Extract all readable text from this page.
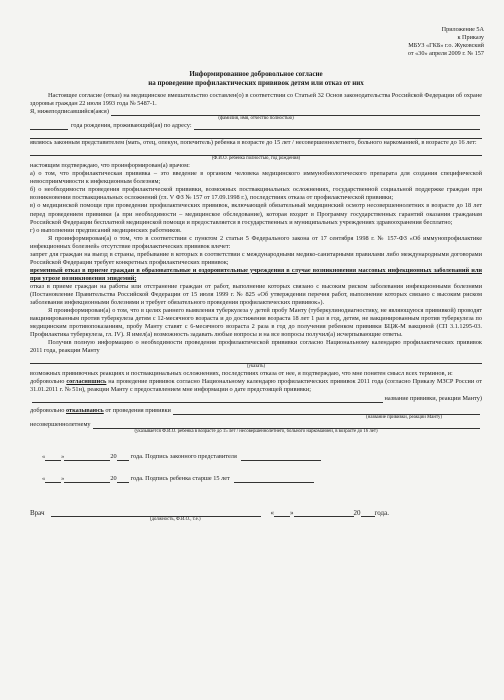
Приложение 5А
к Приказу
МБУЗ «ГКБ» г.о. Жуковский
от «30» апреля 2009 г. № 157
Информированное добровольное согласие
на проведение профилактических прививок детям или отказ от них

Настоящее согласие (отказ) на медицинское вмешательство составлен(о) в соответствии со Статьей 32 Основ законодательства Российской Федерации об охране здоровья граждан 22 июля 1993 года № 5487-1.

Я, нижеподписавшийся(аяся)
(фамилия, имя, отчество полностью)
года рождения, проживающий(ая) по адресу:

являюсь законным представителем (мать, отец, опекун, попечитель) ребенка в возрасте до 15 лет / несовершеннолетнего, больного наркоманией, в возрасте до 16 лет:

(Ф.И.О. ребенка полностью, год рождения)

настоящим подтверждаю, что проинформирован(а) врачом:

а) о том, что профилактическая прививка – это введение в организм человека медицинского иммунобиологического препарата для создания специфической невосприимчивости к инфекционным болезням;

б) о необходимости проведения профилактической прививки, возможных поствакцинальных осложнениях, государственной социальной поддержке граждан при возникновении поствакцинальных осложнений (гл. V ФЗ № 157 от 17.09.1998 г.), последствиях отказа от профилактической прививки;

в) о медицинской помощи при проведении профилактических прививок, включающей обязательный медицинский осмотр несовершеннолетних в возрасте до 18 лет перед проведением прививки (а при необходимости – медицинское обследование), которая входит в Программу государственных гарантий оказания гражданам Российской Федерации бесплатной медицинской помощи и предоставляется в государственных и муниципальных учреждениях здравоохранения бесплатно;

г) о выполнении предписаний медицинских работников.

Я проинформирован(а) о том, что в соответствии с пунктом 2 статьи 5 Федерального закона от 17 сентября 1998 г. № 157-ФЗ «Об иммунопрофилактике инфекционных болезней» отсутствие профилактических прививок влечет:

запрет для граждан на выезд в страны, пребывание в которых в соответствии с международными медико-санитарными правилами либо международными договорами Российской Федерации требует конкретных профилактических прививок;

временный отказ в приеме граждан в образовательные и оздоровительные учреждения в случае возникновения массовых инфекционных заболеваний или при угрозе возникновения эпидемий;

отказ в приеме граждан на работы или отстранение граждан от работ, выполнение которых связано с высоким риском заболевания инфекционными болезнями (Постановление Правительства Российской Федерации от 15 июля 1999 г. № 825 «Об утверждении перечня работ, выполнение которых связано с высоким риском заболевания инфекционными болезнями и требует обязательного проведения профилактических прививок»).

Я проинформирован(а) о том, что в целях раннего выявления туберкулеза у детей пробу Манту (туберкулинодиагностику, не являющуюся прививкой) проводят вакцинированным против туберкулеза детям с 12-месячного возраста и до достижения возраста 18 лет 1 раз в год, детям, не вакцинированным против туберкулеза по медицинским противопоказаниям, пробу Манту ставят с 6-месячного возраста 2 раза в год до получения ребенком прививки БЦЖ-М вакциной (СП 3.1.1295-03. Профилактика туберкулеза, гл. IV). Я имел(а) возможность задавать любые вопросы и на все вопросы получил(а) исчерпывающие ответы.

Получив полную информацию о необходимости проведения профилактической прививки согласно Национальному календарю профилактических прививок 2011 года, реакции Манту

(указать)

возможных прививочных реакциях и поствакцинальных осложнениях, последствиях отказа от нее, я подтверждаю, что мне понятен смысл всех терминов, и:

добровольно согласившись на проведение прививок согласно Национальному календарю профилактических прививок 2011 года (согласно Приказу МЗСР России от 31.01.2011 г. № 51н), реакции Манту с предоставлением мне информации о дате предстоящей прививки;

название прививки, реакции Манту)
добровольно
отказываюсь
от проведения прививки
(название прививки, реакции Манту)
несовершеннолетнему
(указывается Ф.И.О. ребенка в возрасте до 15 лет / несовершеннолетнего, больного наркоманией, в возрасте до 16 лет)
«	»	20 года. Подпись законного представителя
«	»	20 года. Подпись ребенка старше 15 лет
Врач	« »	20 года.
(должность, Ф.И.О., т.е.)
